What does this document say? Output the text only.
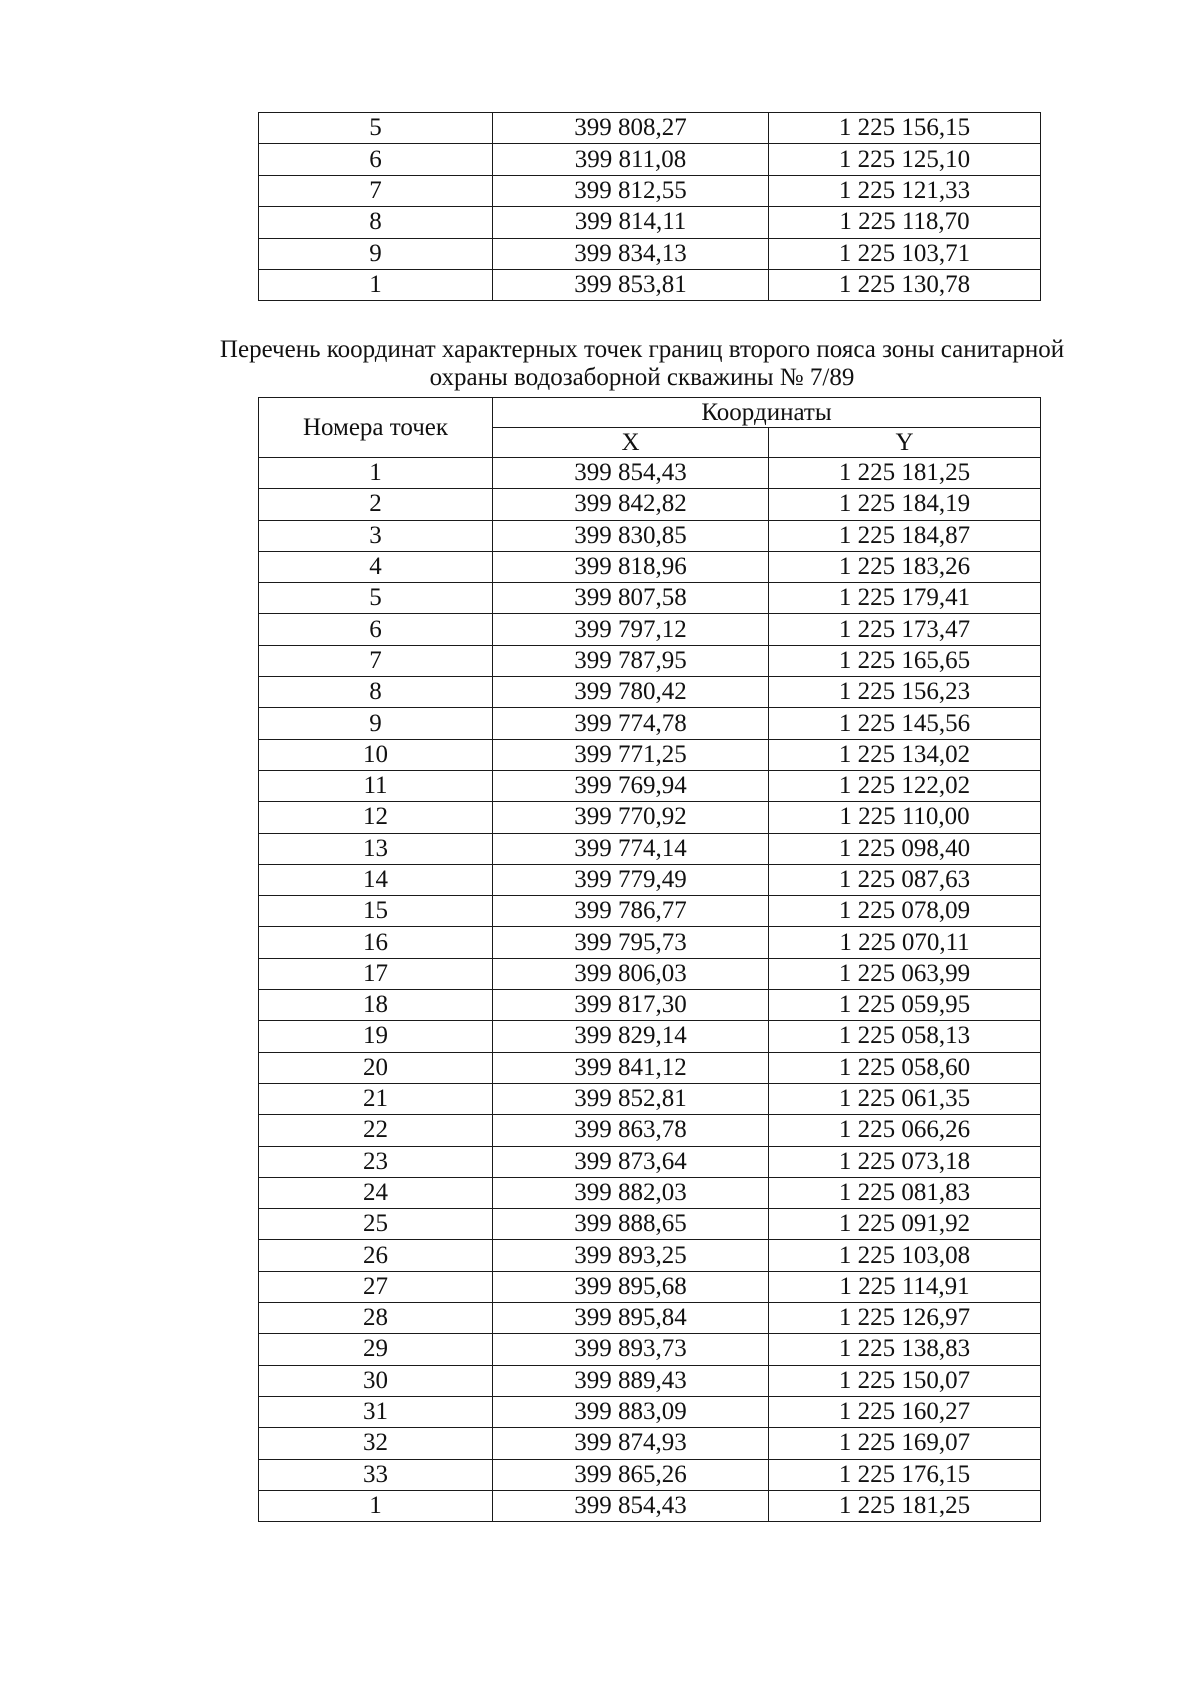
5	399 808,27	1 225 156,15
6	399 811,08	1 225 125,10
7	399 812,55	1 225 121,33
8	399 814,11	1 225 118,70
9	399 834,13	1 225 103,71
1	399 853,81	1 225 130,78
Перечень координат характерных точек границ второго пояса зоны санитарной
охраны водозаборной скважины № 7/89
Номера точек	Координаты	
	X	Y
1	399 854,43	1 225 181,25
2	399 842,82	1 225 184,19
3	399 830,85	1 225 184,87
4	399 818,96	1 225 183,26
5	399 807,58	1 225 179,41
6	399 797,12	1 225 173,47
7	399 787,95	1 225 165,65
8	399 780,42	1 225 156,23
9	399 774,78	1 225 145,56
10	399 771,25	1 225 134,02
11	399 769,94	1 225 122,02
12	399 770,92	1 225 110,00
13	399 774,14	1 225 098,40
14	399 779,49	1 225 087,63
15	399 786,77	1 225 078,09
16	399 795,73	1 225 070,11
17	399 806,03	1 225 063,99
18	399 817,30	1 225 059,95
19	399 829,14	1 225 058,13
20	399 841,12	1 225 058,60
21	399 852,81	1 225 061,35
22	399 863,78	1 225 066,26
23	399 873,64	1 225 073,18
24	399 882,03	1 225 081,83
25	399 888,65	1 225 091,92
26	399 893,25	1 225 103,08
27	399 895,68	1 225 114,91
28	399 895,84	1 225 126,97
29	399 893,73	1 225 138,83
30	399 889,43	1 225 150,07
31	399 883,09	1 225 160,27
32	399 874,93	1 225 169,07
33	399 865,26	1 225 176,15
1	399 854,43	1 225 181,25
